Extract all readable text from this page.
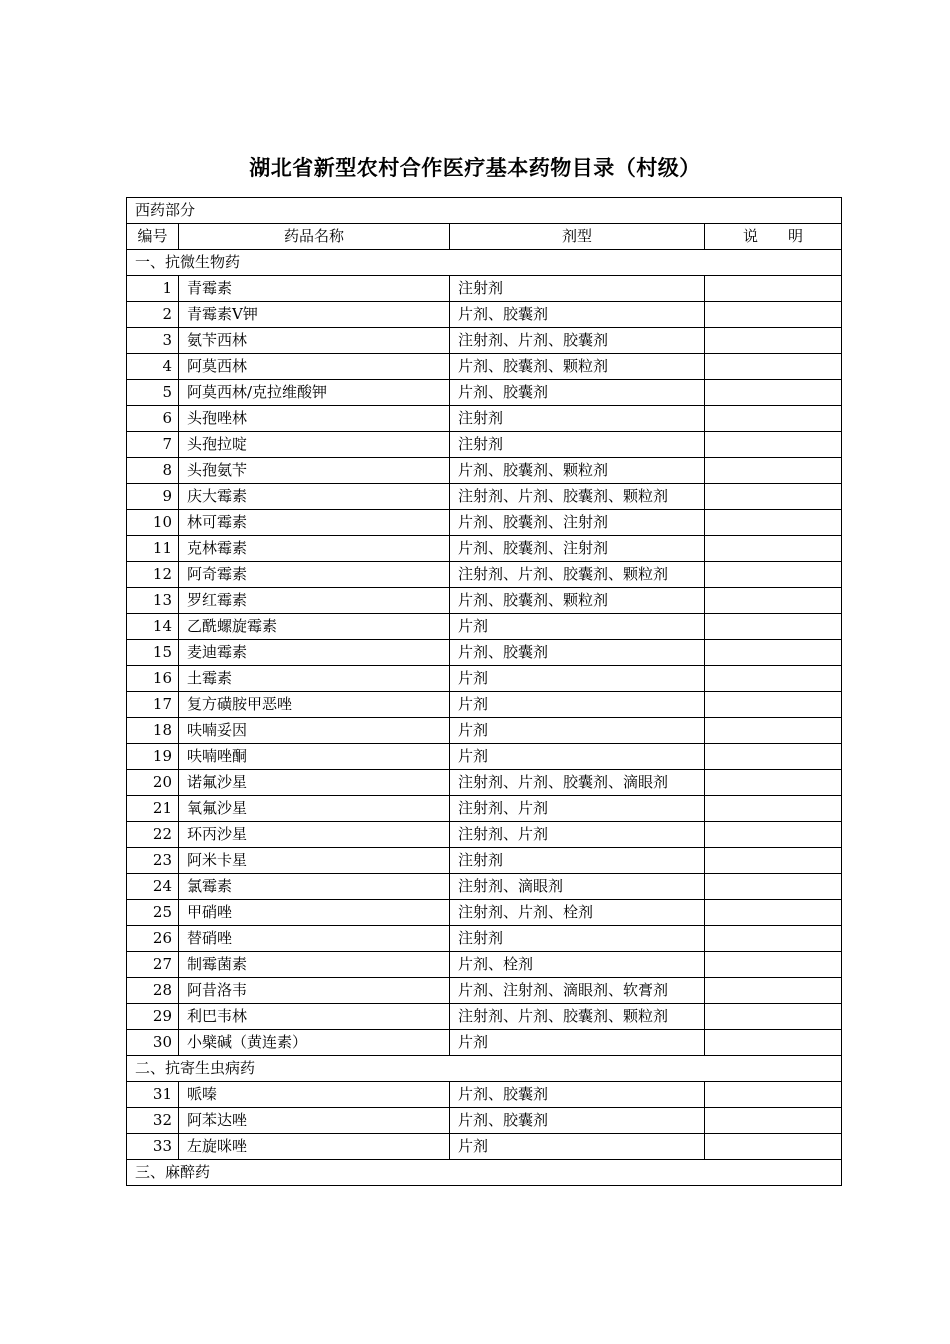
湖北省新型农村合作医疗基本药物目录（村级）
西药部分			
编号	药品名称	剂型	说　　明
一、抗微生物药			
1	青霉素	注射剂	
2	青霉素Ⅴ钾	片剂、胶囊剂	
3	氨苄西林	注射剂、片剂、胶囊剂	
4	阿莫西林	片剂、胶囊剂、颗粒剂	
5	阿莫西林/克拉维酸钾	片剂、胶囊剂	
6	头孢唑林	注射剂	
7	头孢拉啶	注射剂	
8	头孢氨苄	片剂、胶囊剂、颗粒剂	
9	庆大霉素	注射剂、片剂、胶囊剂、颗粒剂	
10	林可霉素	片剂、胶囊剂、注射剂	
11	克林霉素	片剂、胶囊剂、注射剂	
12	阿奇霉素	注射剂、片剂、胶囊剂、颗粒剂	
13	罗红霉素	片剂、胶囊剂、颗粒剂	
14	乙酰螺旋霉素	片剂	
15	麦迪霉素	片剂、胶囊剂	
16	土霉素	片剂	
17	复方磺胺甲恶唑	片剂	
18	呋喃妥因	片剂	
19	呋喃唑酮	片剂	
20	诺氟沙星	注射剂、片剂、胶囊剂、滴眼剂	
21	氧氟沙星	注射剂、片剂	
22	环丙沙星	注射剂、片剂	
23	阿米卡星	注射剂	
24	氯霉素	注射剂、滴眼剂	
25	甲硝唑	注射剂、片剂、栓剂	
26	替硝唑	注射剂	
27	制霉菌素	片剂、栓剂	
28	阿昔洛韦	片剂、注射剂、滴眼剂、软膏剂	
29	利巴韦林	注射剂、片剂、胶囊剂、颗粒剂	
30	小檗碱（黄连素）	片剂	
二、抗寄生虫病药			
31	哌嗪	片剂、胶囊剂	
32	阿苯达唑	片剂、胶囊剂	
33	左旋咪唑	片剂	
三、麻醉药			
